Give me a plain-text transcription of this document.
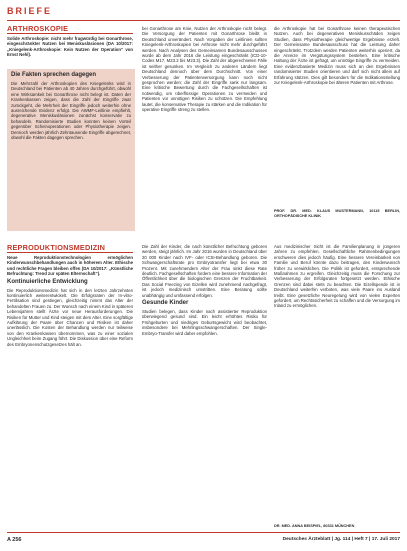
BRIEFE
ARTHROSKOPIE

Solide Arthroskopie: nicht mehr fragwürdig bei Gonarthrose, eingeschränkter Nutzen bei Meniskusläsionen (DA 10/2017: „Kniegelenk-Arthroskopie: Kein Nutzen der Operation“ von Ernst Nehl).

Die Fakten sprechen dagegen
Die Mehrzahl der Arthroskopien des Kniegelenks wird in Deutschland bei Patienten ab 40 Jahren durchgeführt, obwohl eine Wirksamkeit bei Gonarthrose nicht belegt ist. Daten der Krankenkassen zeigen, dass die Zahl der Eingriffe zwar zurückgeht, die Mehrheit der Eingriffe jedoch weiterhin ohne ausreichende Evidenz erfolgt. Die AWMF-Leitlinie empfiehlt, degenerative Meniskusläsionen zunächst konservativ zu behandeln. Randomisierte Studien konnten keinen Vorteil gegenüber Scheinoperationen oder Physiotherapie zeigen. Dennoch werden jährlich Zehntausende Eingriffe abgerechnet, obwohl die Fakten dagegen sprechen.
bei Gonarthrose am Knie, Nutzen der Arthroskopie nicht belegt. Die Versorgung der Patienten mit Gonarthrose bleibt in Deutschland unverändert. Nach Vorgaben der Leitlinien sollten Kniegelenk-Arthroskopien bei Arthrose nicht mehr durchgeführt werden. Nach Analysen des Gemeinsamen Bundesausschusses wurde ab dem Jahr 2016 die Leistung eingeschränkt (ICD-10-Codes M17, M23.2 bis M23.3). Die Zahl der abgerechneten Fälle ist seither gesunken. Im Vergleich zu anderen Ländern liegt Deutschland dennoch über dem Durchschnitt. Von einer Verbesserung der Patientenversorgung kann noch nicht gesprochen werden; die Zahl der Eingriffe sank nur langsam. Eine kritische Bewertung durch die Fachgesellschaften ist notwendig, um überflüssige Operationen zu vermeiden und Patienten vor unnötigen Risiken zu schützen. Die Empfehlung lautet, die konservative Therapie zu stärken und die Indikation für operative Eingriffe streng zu stellen.
die Arthroskopie hat bei Gonarthrose keinen therapeutischen Nutzen. Auch bei degenerativen Meniskusschäden zeigen Studien, dass Physiotherapie gleichwertige Ergebnisse erzielt. Der Gemeinsame Bundesausschuss hat die Leistung daher eingeschränkt. Trotzdem werden Patienten weiterhin operiert, da die Anreize im Vergütungssystem bestehen. Eine kritische Haltung der Ärzte ist gefragt, um unnötige Eingriffe zu vermeiden. Eine evidenzbasierte Medizin muss sich an den Ergebnissen randomisierter Studien orientieren und darf sich nicht allein auf Erfahrung stützen. Dies gilt besonders für die Indikationsstellung zur Kniegelenk-Arthroskopie bei älteren Patienten mit Arthrose.
PROF. DR. MED. KLAUS MUSTERMANN, 10115 BERLIN, ORTHOPÄDISCHE KLINIK
REPRODUKTIONSMEDIZIN

Neue Reproduktionstechnologien ermöglichen Kinderwunschbehandlungen auch in höherem Alter. Ethische und rechtliche Fragen bleiben offen (DA 10/2017: „Künstliche Befruchtung: Trend zur späten Elternschaft“).

Kontinuierliche Entwicklung

Die Reproduktionsmedizin hat sich in den letzten Jahrzehnten kontinuierlich weiterentwickelt. Die Erfolgsraten der In-vitro-Fertilisation sind gestiegen, gleichzeitig nimmt das Alter der behandelten Frauen zu. Der Wunsch nach einem Kind in späteren Lebensjahren stellt Ärzte vor neue Herausforderungen. Die Risiken für Mutter und Kind steigen mit dem Alter. Eine sorgfältige Aufklärung der Paare über Chancen und Risiken ist daher unerlässlich. Die Kosten der Behandlung werden nur teilweise von den Krankenkassen übernommen, was zu einer sozialen Ungleichheit beim Zugang führt. Die Diskussion über eine Reform des Embryonenschutzgesetzes hält an.

Die Zahl der Kinder, die nach künstlicher Befruchtung geboren werden, steigt jährlich. Im Jahr 2016 wurden in Deutschland über 20 000 Kinder nach IVF- oder ICSI-Behandlung geboren. Die Schwangerschaftsrate pro Embryotransfer liegt bei etwa 30 Prozent. Mit zunehmendem Alter der Frau sinkt diese Rate deutlich. Fachgesellschaften fordern eine bessere Information der Öffentlichkeit über die biologischen Grenzen der Fruchtbarkeit. Das Social Freezing von Eizellen wird zunehmend nachgefragt, ist jedoch medizinisch umstritten. Eine Beratung sollte unabhängig und umfassend erfolgen.

Gesunde Kinder

Studien belegen, dass Kinder nach assistierter Reproduktion überwiegend gesund sind. Ein leicht erhöhtes Risiko für Frühgeburten und niedriges Geburtsgewicht wird beobachtet, insbesondere bei Mehrlingsschwangerschaften. Der Single-Embryo-Transfer wird daher empfohlen.

Aus medizinischer Sicht ist die Familienplanung in jüngeren Jahren zu empfehlen. Gesellschaftliche Rahmenbedingungen erschweren dies jedoch häufig. Eine bessere Vereinbarkeit von Familie und Beruf könnte dazu beitragen, den Kinderwunsch früher zu verwirklichen. Die Politik ist gefordert, entsprechende Maßnahmen zu ergreifen. Gleichzeitig muss die Forschung zur Verbesserung der Erfolgsraten fortgesetzt werden. Ethische Grenzen sind dabei stets zu beachten. Die Eizellspende ist in Deutschland weiterhin verboten, was viele Paare ins Ausland treibt. Eine gesetzliche Neuregelung wird von vielen Experten gefordert, um Rechtssicherheit zu schaffen und die Versorgung im Inland zu ermöglichen.
DR. MED. ANNA BEISPIEL, 80331 MÜNCHEN
A 256	Deutsches Ärzteblatt | Jg. 114 | Heft 7 | 17. Juli 2017
